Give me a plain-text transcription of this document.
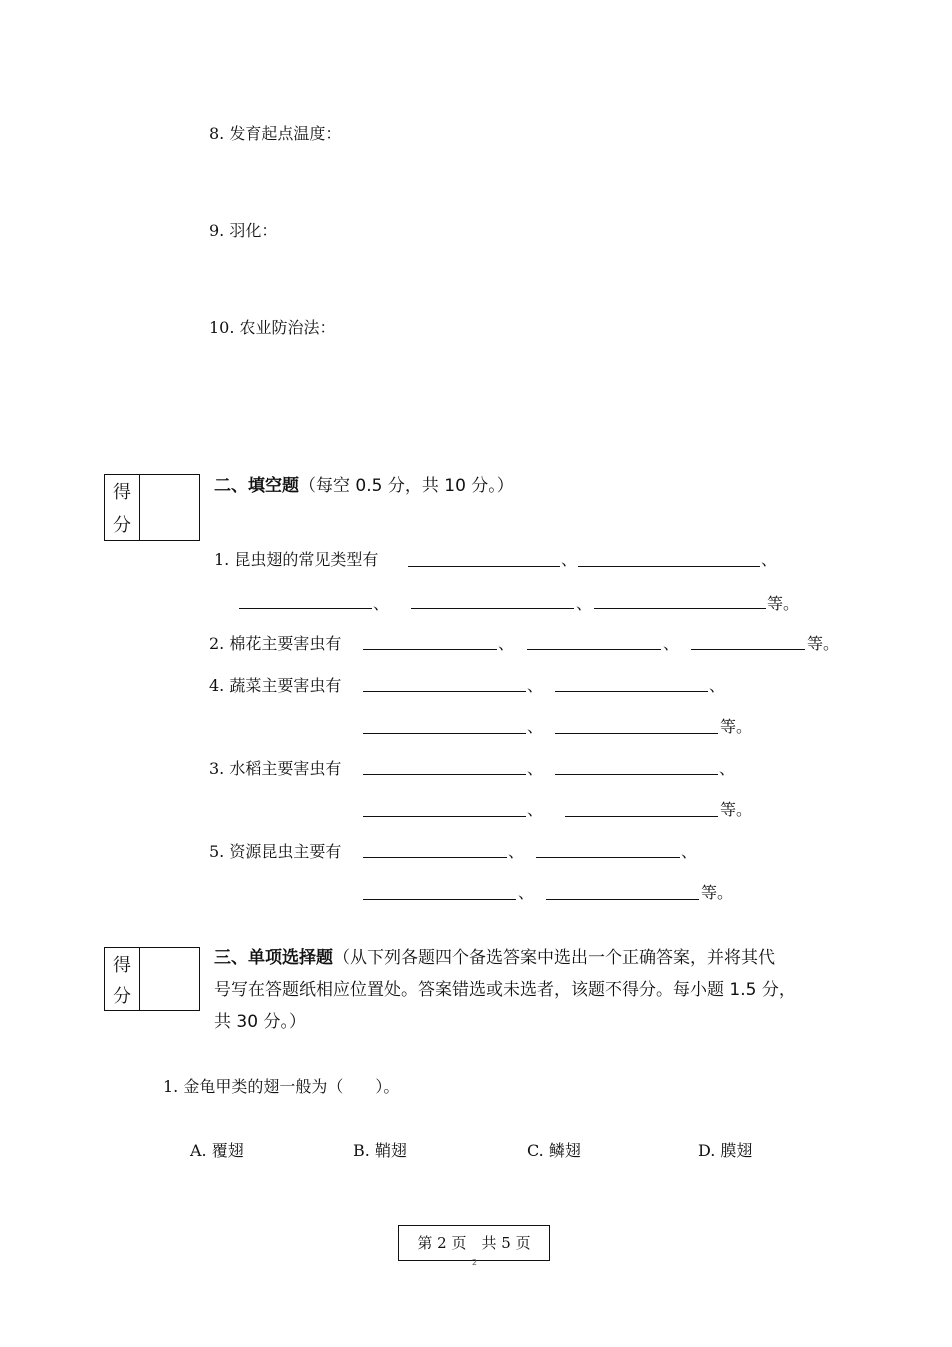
8. 发育起点温度：
9. 羽化：
10. 农业防治法：
得
分
二、填空题（每空 0.5 分，共 10 分。）
1. 昆虫翅的常见类型有	、	、
、	、	等。
2. 棉花主要害虫有	、	、	等。
4. 蔬菜主要害虫有	、	、
、	等。
3. 水稻主要害虫有	、	、
、	等。
5. 资源昆虫主要有	、	、
、	等。
得
分
三、单项选择题（从下列各题四个备选答案中选出一个正确答案，并将其代
号写在答题纸相应位置处。答案错选或未选者，该题不得分。每小题 1.5 分，
共 30 分。）
1. 金龟甲类的翅一般为（　　）。
A. 覆翅	B. 鞘翅	C. 鳞翅	D. 膜翅
第 2 页　共 5 页
2
